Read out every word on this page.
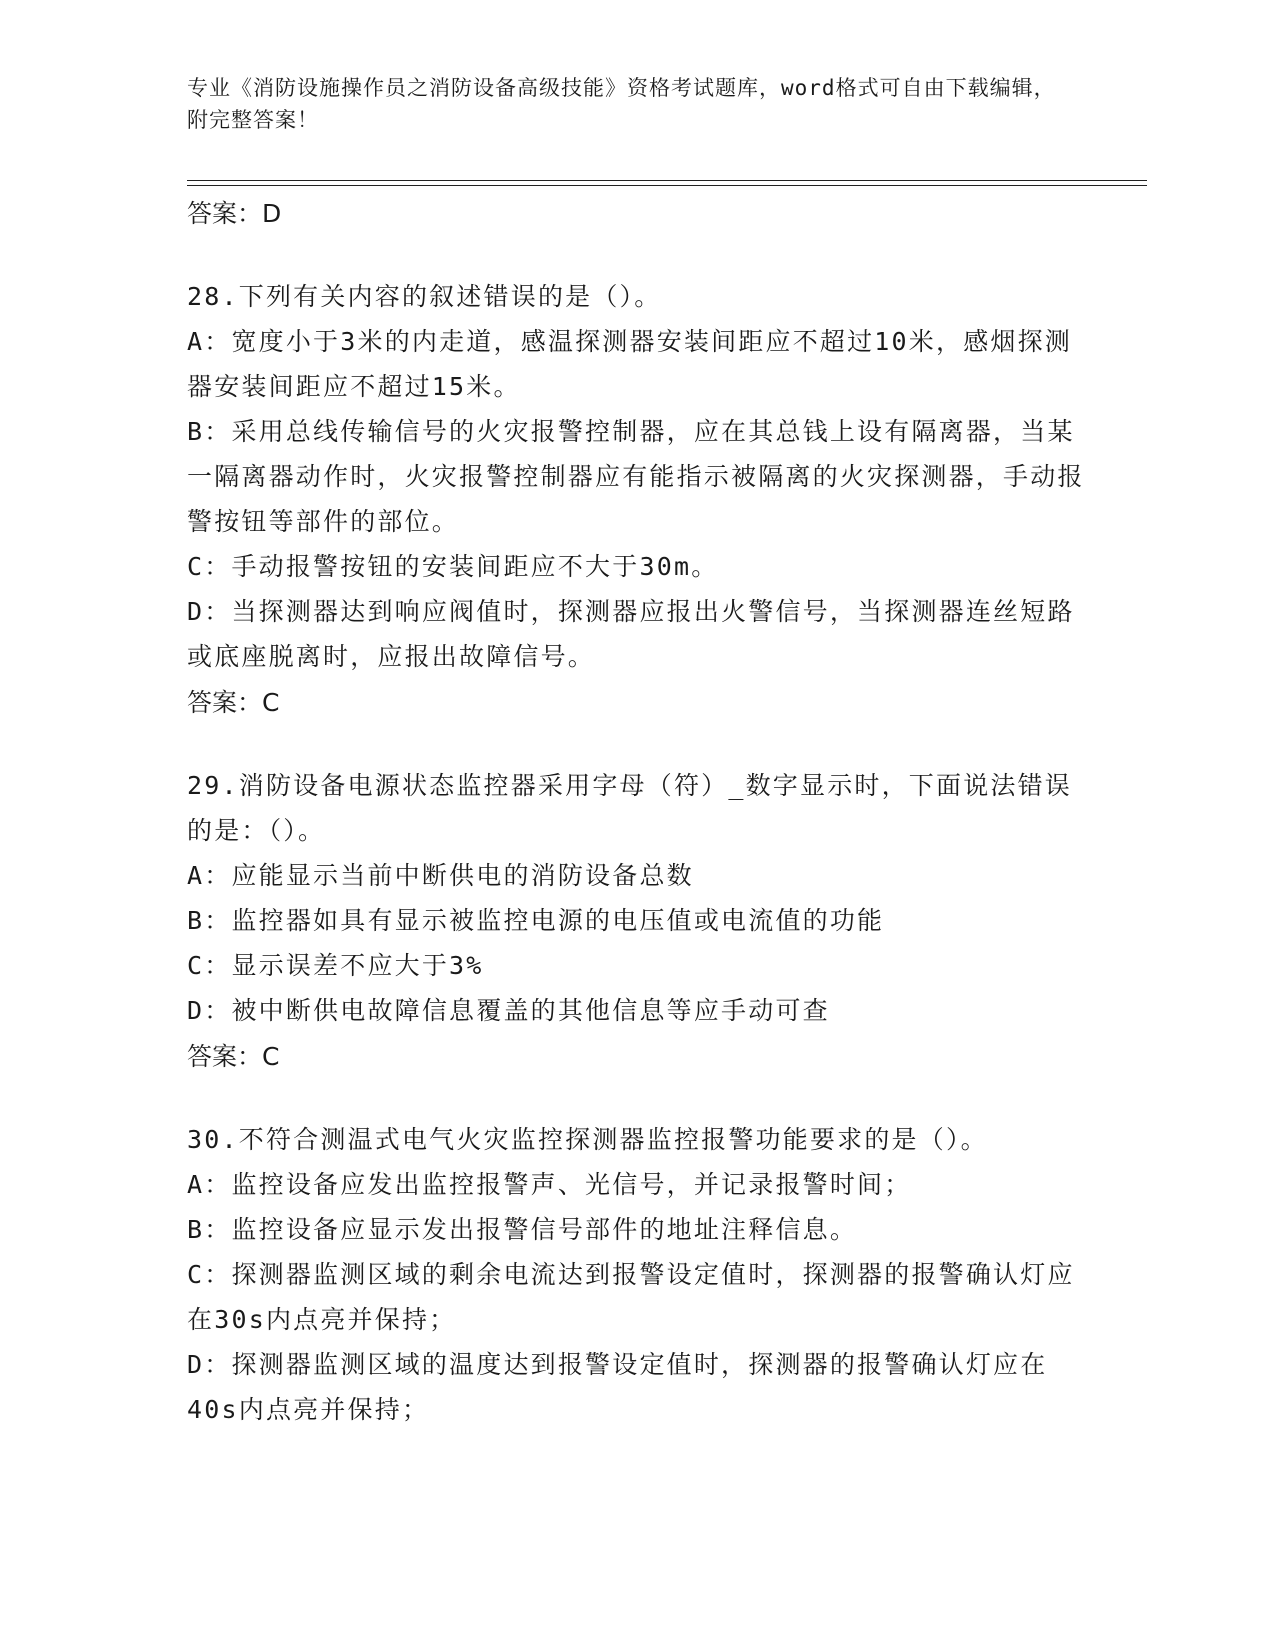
专业《消防设施操作员之消防设备高级技能》资格考试题库，word格式可自由下载编辑，附完整答案！
答案：D
28.下列有关内容的叙述错误的是（）。
A：宽度小于3米的内走道，感温探测器安装间距应不超过10米，感烟探测器安装间距应不超过15米。
B：采用总线传输信号的火灾报警控制器，应在其总钱上设有隔离器，当某一隔离器动作时，火灾报警控制器应有能指示被隔离的火灾探测器，手动报警按钮等部件的部位。
C：手动报警按钮的安装间距应不大于30m。
D：当探测器达到响应阀值时，探测器应报出火警信号，当探测器连丝短路或底座脱离时，应报出故障信号。
答案：C
29.消防设备电源状态监控器采用字母（符）_数字显示时，下面说法错误的是：（）。
A：应能显示当前中断供电的消防设备总数
B：监控器如具有显示被监控电源的电压值或电流值的功能
C：显示误差不应大于3%
D：被中断供电故障信息覆盖的其他信息等应手动可查
答案：C
30.不符合测温式电气火灾监控探测器监控报警功能要求的是（）。
A：监控设备应发出监控报警声、光信号，并记录报警时间；
B：监控设备应显示发出报警信号部件的地址注释信息。
C：探测器监测区域的剩余电流达到报警设定值时，探测器的报警确认灯应在30s内点亮并保持；
D：探测器监测区域的温度达到报警设定值时，探测器的报警确认灯应在40s内点亮并保持；
